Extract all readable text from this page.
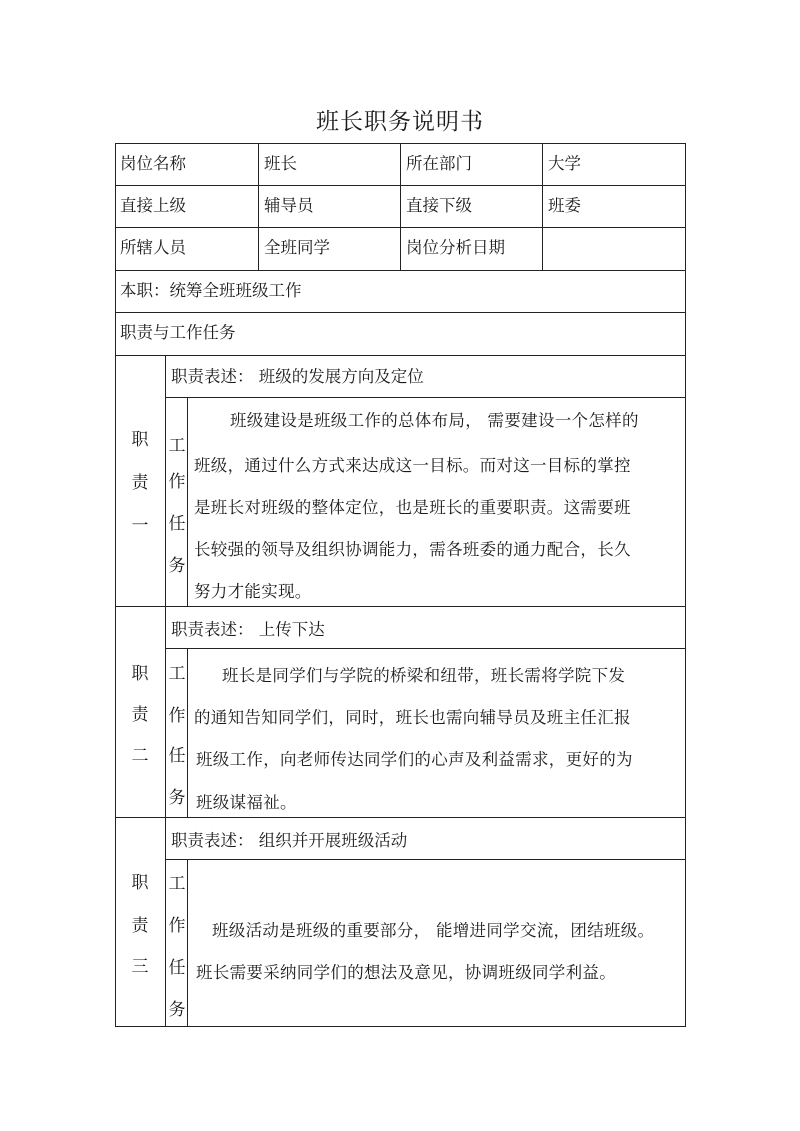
班长职务说明书
岗位名称	班长	所在部门	大学
直接上级	辅导员	直接下级	班委
所辖人员	全班同学	岗位分析日期
本职：统筹全班班级工作
职责与工作任务
职
责
一
职责表述： 班级的发展方向及定位
工
作
任
务
班级建设是班级工作的总体布局， 需要建设一个怎样的
班级，通过什么方式来达成这一目标。而对这一目标的掌控
是班长对班级的整体定位，也是班长的重要职责。这需要班
长较强的领导及组织协调能力，需各班委的通力配合，长久
努力才能实现。
职
责
二
职责表述： 上传下达
工
作
任
务
班长是同学们与学院的桥梁和纽带，班长需将学院下发
的通知告知同学们，同时，班长也需向辅导员及班主任汇报
班级工作，向老师传达同学们的心声及利益需求，更好的为
班级谋福祉。
职
责
三
职责表述： 组织并开展班级活动
工
作
任
务
班级活动是班级的重要部分， 能增进同学交流，团结班级。
班长需要采纳同学们的想法及意见，协调班级同学利益。
